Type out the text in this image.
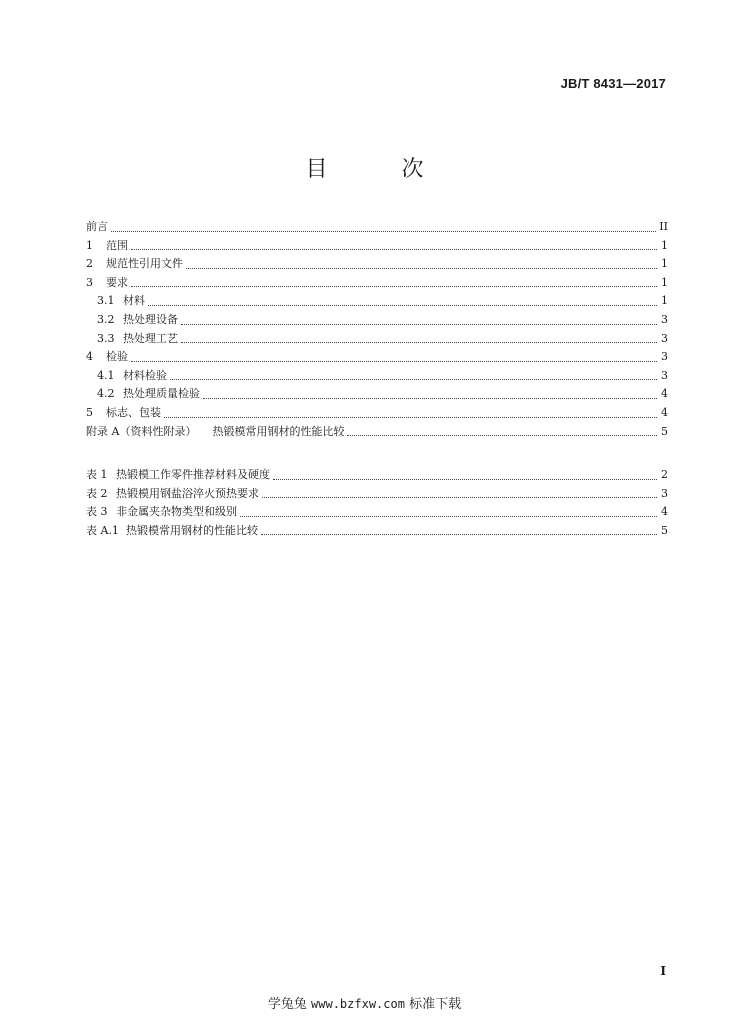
JB/T 8431—2017
目　次
前言	II
1	范围	1
2	规范性引用文件	1
3	要求	1
3.1 材料	1
3.2 热处理设备	3
3.3 热处理工艺	3
4	检验	3
4.1 材料检验	3
4.2 热处理质量检验	4
5	标志、包装	4
附录 A（资料性附录） 热锻模常用钢材的性能比较	5
表 1 热锻模工作零件推荐材料及硬度	2
表 2 热锻模用钢盐浴淬火预热要求	3
表 3 非金属夹杂物类型和级别	4
表 A.1 热锻模常用钢材的性能比较	5
I
学兔兔 www.bzfxw.com 标准下载
